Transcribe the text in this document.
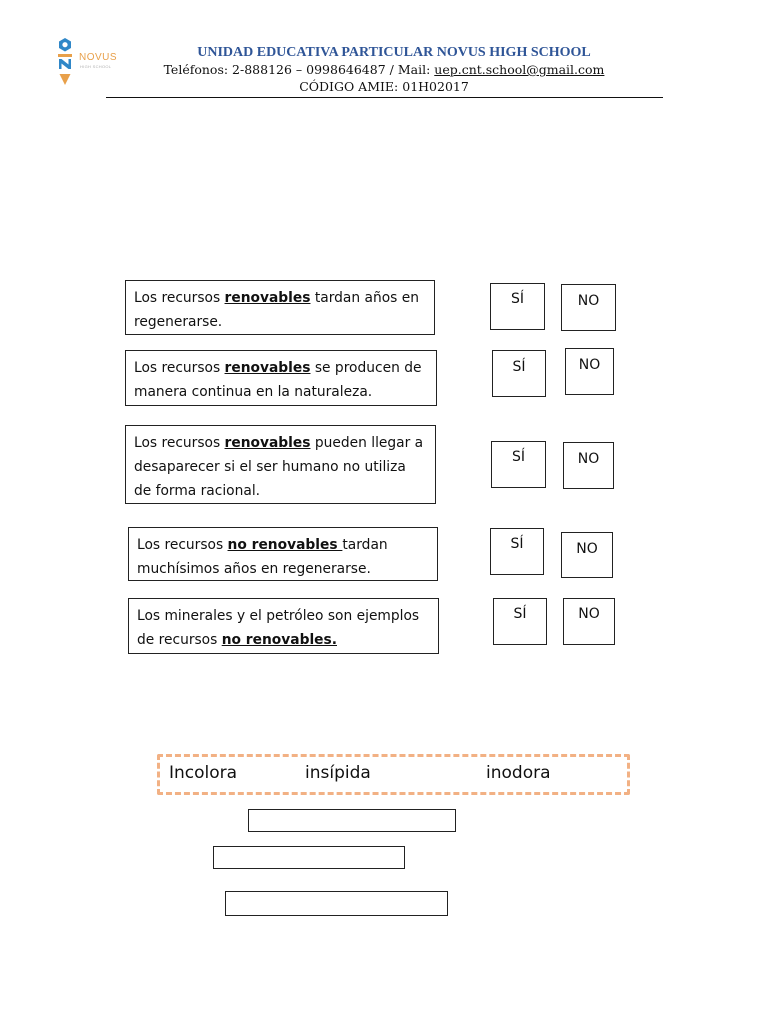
NOVUS
HIGH SCHOOL

UNIDAD EDUCATIVA PARTICULAR NOVUS HIGH SCHOOL

Teléfonos: 2-888126 – 0998646487 / Mail: uep.cnt.school@gmail.com

CÓDIGO AMIE: 01H02017

Los recursos renovables tardan años en regenerarse.
SÍ	NO
Los recursos renovables se producen de manera continua en la naturaleza.
SÍ	NO
Los recursos renovables pueden llegar a desaparecer si el ser humano no utiliza de forma racional.
SÍ	NO
Los recursos no renovables tardan muchísimos años en regenerarse.
SÍ	NO
Los minerales y el petróleo son ejemplos de recursos no renovables.
SÍ	NO
Incolora	insípida	inodora
